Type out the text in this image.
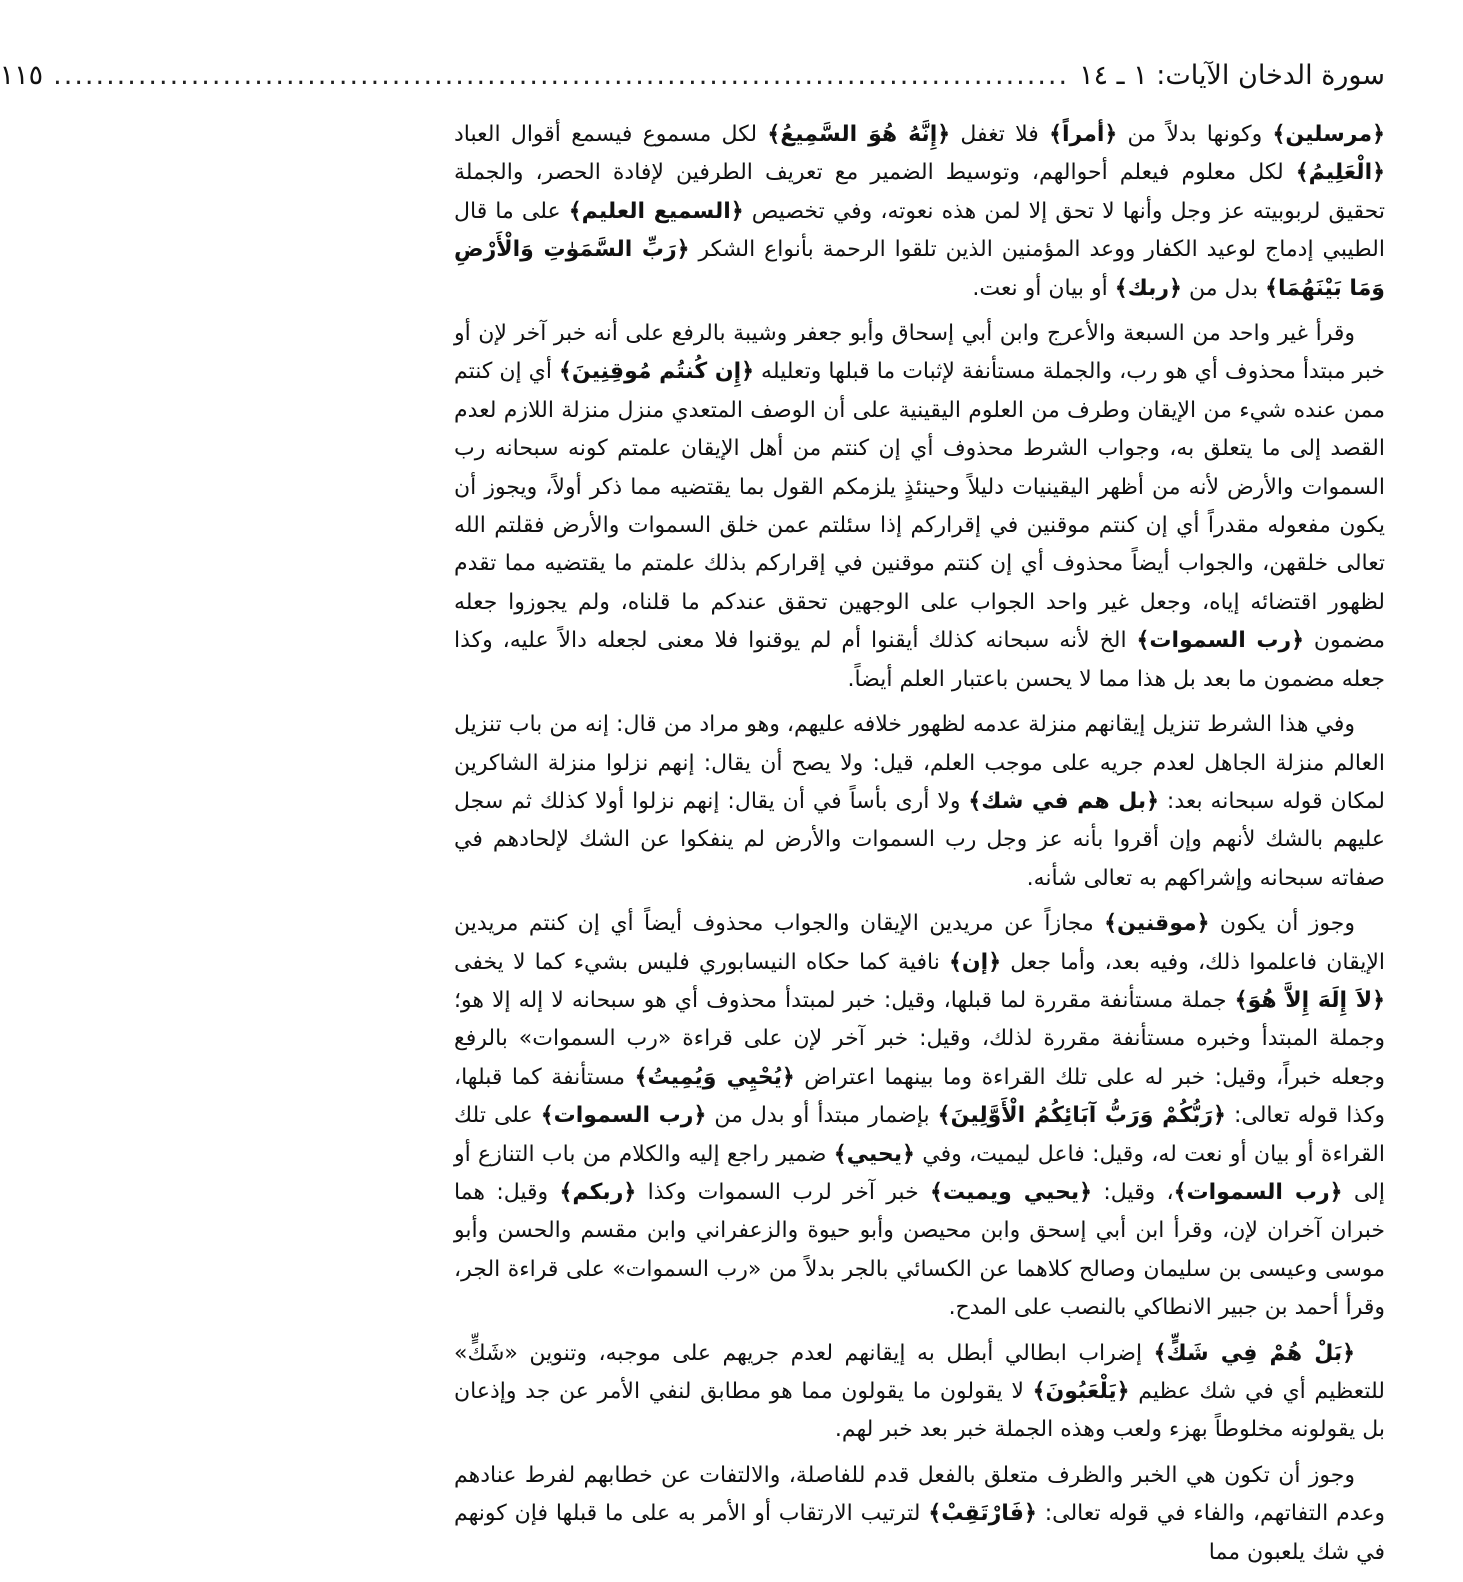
سورة الدخان الآيات: ١ ـ ١٤
................................................................................................
١١٥

﴿مرسلين﴾ وكونها بدلاً من ﴿أمراً﴾ فلا تغفل ﴿إِنَّهُ هُوَ السَّمِيعُ﴾ لكل مسموع فيسمع أقوال العباد ﴿الْعَلِيمُ﴾ لكل معلوم فيعلم أحوالهم، وتوسيط الضمير مع تعريف الطرفين لإفادة الحصر، والجملة تحقيق لربوبيته عز وجل وأنها لا تحق إلا لمن هذه نعوته، وفي تخصيص ﴿السميع العليم﴾ على ما قال الطيبي إدماج لوعيد الكفار ووعد المؤمنين الذين تلقوا الرحمة بأنواع الشكر ﴿رَبِّ السَّمَوٰتِ وَالْأَرْضِ وَمَا بَيْنَهُمَا﴾ بدل من ﴿ربك﴾ أو بيان أو نعت.

وقرأ غير واحد من السبعة والأعرج وابن أبي إسحاق وأبو جعفر وشيبة بالرفع على أنه خبر آخر لإن أو خبر مبتدأ محذوف أي هو رب، والجملة مستأنفة لإثبات ما قبلها وتعليله ﴿إِن كُنتُم مُوقِنِينَ﴾ أي إن كنتم ممن عنده شيء من الإيقان وطرف من العلوم اليقينية على أن الوصف المتعدي منزل منزلة اللازم لعدم القصد إلى ما يتعلق به، وجواب الشرط محذوف أي إن كنتم من أهل الإيقان علمتم كونه سبحانه رب السموات والأرض لأنه من أظهر اليقينيات دليلاً وحينئذٍ يلزمكم القول بما يقتضيه مما ذكر أولاً، ويجوز أن يكون مفعوله مقدراً أي إن كنتم موقنين في إقراركم إذا سئلتم عمن خلق السموات والأرض فقلتم الله تعالى خلقهن، والجواب أيضاً محذوف أي إن كنتم موقنين في إقراركم بذلك علمتم ما يقتضيه مما تقدم لظهور اقتضائه إياه، وجعل غير واحد الجواب على الوجهين تحقق عندكم ما قلناه، ولم يجوزوا جعله مضمون ﴿رب السموات﴾ الخ لأنه سبحانه كذلك أيقنوا أم لم يوقنوا فلا معنى لجعله دالاً عليه، وكذا جعله مضمون ما بعد بل هذا مما لا يحسن باعتبار العلم أيضاً.

وفي هذا الشرط تنزيل إيقانهم منزلة عدمه لظهور خلافه عليهم، وهو مراد من قال: إنه من باب تنزيل العالم منزلة الجاهل لعدم جريه على موجب العلم، قيل: ولا يصح أن يقال: إنهم نزلوا منزلة الشاكرين لمكان قوله سبحانه بعد: ﴿بل هم في شك﴾ ولا أرى بأساً في أن يقال: إنهم نزلوا أولا كذلك ثم سجل عليهم بالشك لأنهم وإن أقروا بأنه عز وجل رب السموات والأرض لم ينفكوا عن الشك لإلحادهم في صفاته سبحانه وإشراكهم به تعالى شأنه.

وجوز أن يكون ﴿موقنين﴾ مجازاً عن مريدين الإيقان والجواب محذوف أيضاً أي إن كنتم مريدين الإيقان فاعلموا ذلك، وفيه بعد، وأما جعل ﴿إن﴾ نافية كما حكاه النيسابوري فليس بشيء كما لا يخفى ﴿لاَ إِلَهَ إِلاَّ هُوَ﴾ جملة مستأنفة مقررة لما قبلها، وقيل: خبر لمبتدأ محذوف أي هو سبحانه لا إله إلا هو؛ وجملة المبتدأ وخبره مستأنفة مقررة لذلك، وقيل: خبر آخر لإن على قراءة «رب السموات» بالرفع وجعله خبراً، وقيل: خبر له على تلك القراءة وما بينهما اعتراض ﴿يُحْيِي وَيُمِيتُ﴾ مستأنفة كما قبلها، وكذا قوله تعالى: ﴿رَبُّكُمْ وَرَبُّ آبَائِكُمُ الْأَوَّلِينَ﴾ بإضمار مبتدأ أو بدل من ﴿رب السموات﴾ على تلك القراءة أو بيان أو نعت له، وقيل: فاعل ليميت، وفي ﴿يحيي﴾ ضمير راجع إليه والكلام من باب التنازع أو إلى ﴿رب السموات﴾، وقيل: ﴿يحيي ويميت﴾ خبر آخر لرب السموات وكذا ﴿ربكم﴾ وقيل: هما خبران آخران لإن، وقرأ ابن أبي إسحق وابن محيصن وأبو حيوة والزعفراني وابن مقسم والحسن وأبو موسى وعيسى بن سليمان وصالح كلاهما عن الكسائي بالجر بدلاً من «رب السموات» على قراءة الجر، وقرأ أحمد بن جبير الانطاكي بالنصب على المدح.

﴿بَلْ هُمْ فِي شَكٍّ﴾ إضراب ابطالي أبطل به إيقانهم لعدم جريهم على موجبه، وتنوين «شَكٍّ» للتعظيم أي في شك عظيم ﴿يَلْعَبُونَ﴾ لا يقولون ما يقولون مما هو مطابق لنفي الأمر عن جد وإذعان بل يقولونه مخلوطاً بهزء ولعب وهذه الجملة خبر بعد خبر لهم.

وجوز أن تكون هي الخبر والظرف متعلق بالفعل قدم للفاصلة، والالتفات عن خطابهم لفرط عنادهم وعدم التفاتهم، والفاء في قوله تعالى: ﴿فَارْتَقِبْ﴾ لترتيب الارتقاب أو الأمر به على ما قبلها فإن كونهم في شك يلعبون مما
